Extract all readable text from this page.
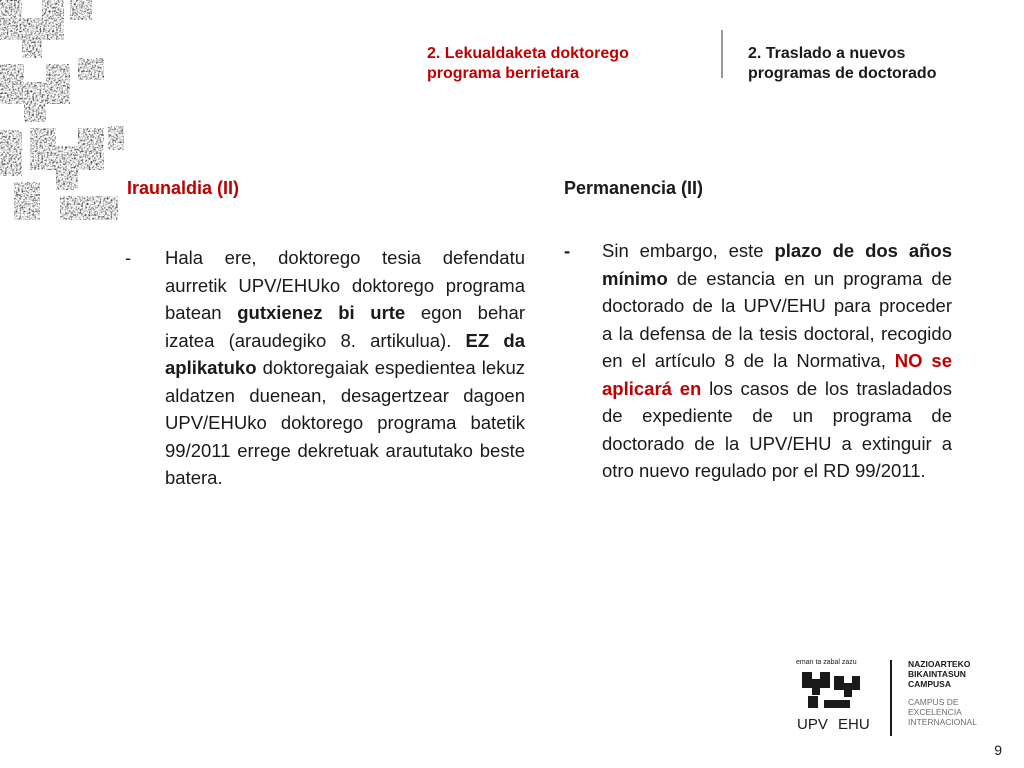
2. Lekualdaketa doktorego
programa berrietara
2. Traslado a nuevos
programas de doctorado
Iraunaldia (II)
- Hala ere, doktorego tesia defendatu aurretik UPV/EHUko doktorego programa batean gutxienez bi urte egon behar izatea (araudegiko 8. artikulua). EZ da aplikatuko doktoregaiak espedientea lekuz aldatzen duenean, desagertzear dagoen UPV/EHUko doktorego programa batetik 99/2011 errege dekretuak araututako beste batera.
Permanencia (II)
- Sin embargo, este plazo de dos años mínimo de estancia en un programa de doctorado de la UPV/EHU para proceder a la defensa de la tesis doctoral, recogido en el artículo 8 de la Normativa, NO se aplicará en los casos de los trasladados de expediente de un programa de doctorado de la UPV/EHU a extinguir a otro nuevo regulado por el RD 99/2011.
eman ta zabal zazu
UPV EHU
NAZIOARTEKO
BIKAINTASUN
CAMPUSA
CAMPUS DE
EXCELENCIA
INTERNACIONAL
9
